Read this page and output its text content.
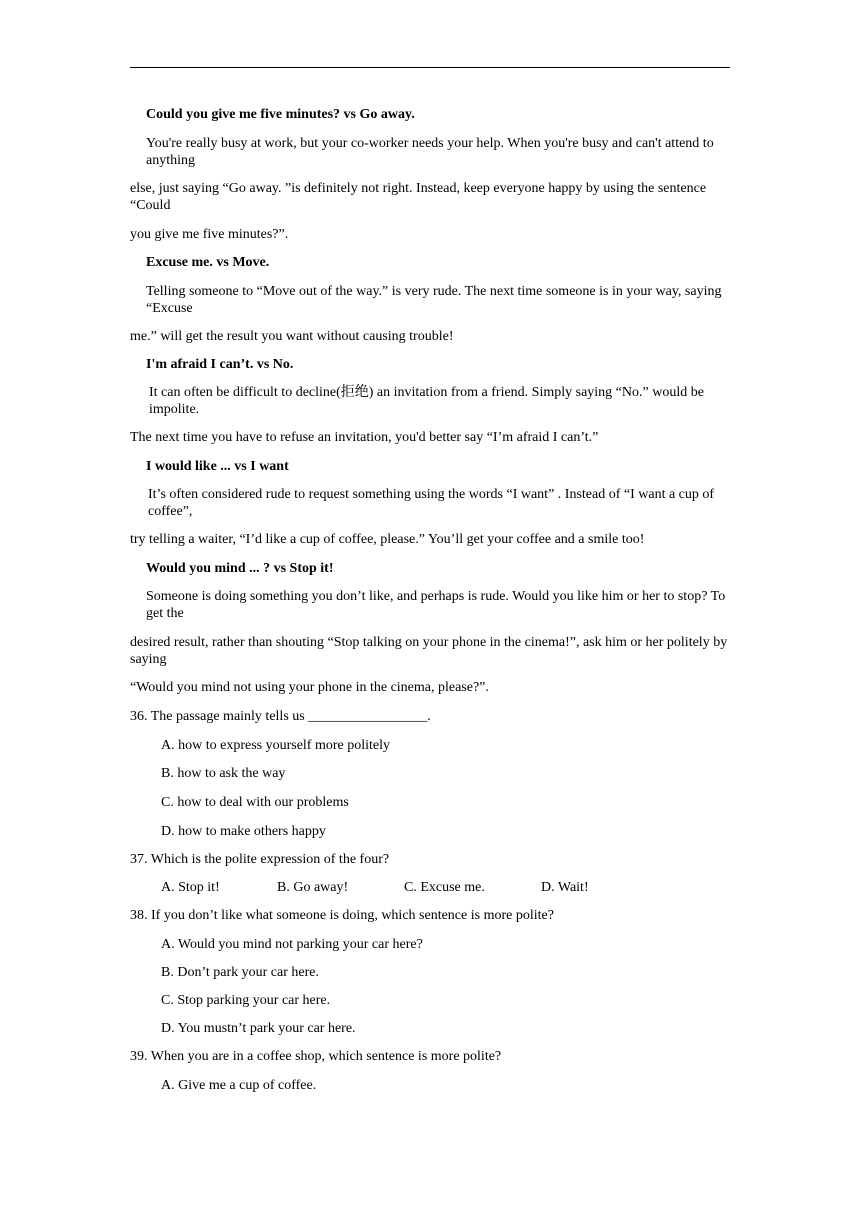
Could you give me five minutes? vs Go away.
You're really busy at work, but your co-worker needs your help. When you're busy and can't attend to anything
else, just saying “Go away. ”is definitely not right. Instead, keep everyone happy by using the sentence “Could
you give me five minutes?”.
Excuse me. vs Move.
Telling someone to “Move out of the way.” is very rude. The next time someone is in your way, saying “Excuse
me.” will get the result you want without causing trouble!
I'm afraid I can’t. vs No.
It can often be difficult to decline(拒绝) an invitation from a friend. Simply saying “No.” would be impolite.
The next time you have to refuse an invitation, you'd better say “I’m afraid I can’t.”
I would like ... vs I want
It’s often considered rude to request something using the words “I want” . Instead of “I want a cup of coffee”,
try telling a waiter, “I’d like a cup of coffee, please.” You’ll get your coffee and a smile too!
Would you mind ... ? vs Stop it!
Someone is doing something you don’t like, and perhaps is rude. Would you like him or her to stop? To get the
desired result, rather than shouting “Stop talking on your phone in the cinema!”, ask him or her politely by saying
“Would you mind not using your phone in the cinema, please?”.
36. The passage mainly tells us _________________.
A. how to express yourself more politely
B. how to ask the way
C. how to deal with our problems
D. how to make others happy
37. Which is the polite expression of the four?
A. Stop it!	B. Go away!	C. Excuse me.	D. Wait!
38. If you don’t like what someone is doing, which sentence is more polite?
A. Would you mind not parking your car here?
B. Don’t park your car here.
C. Stop parking your car here.
D. You mustn’t park your car here.
39. When you are in a coffee shop, which sentence is more polite?
A. Give me a cup of coffee.
